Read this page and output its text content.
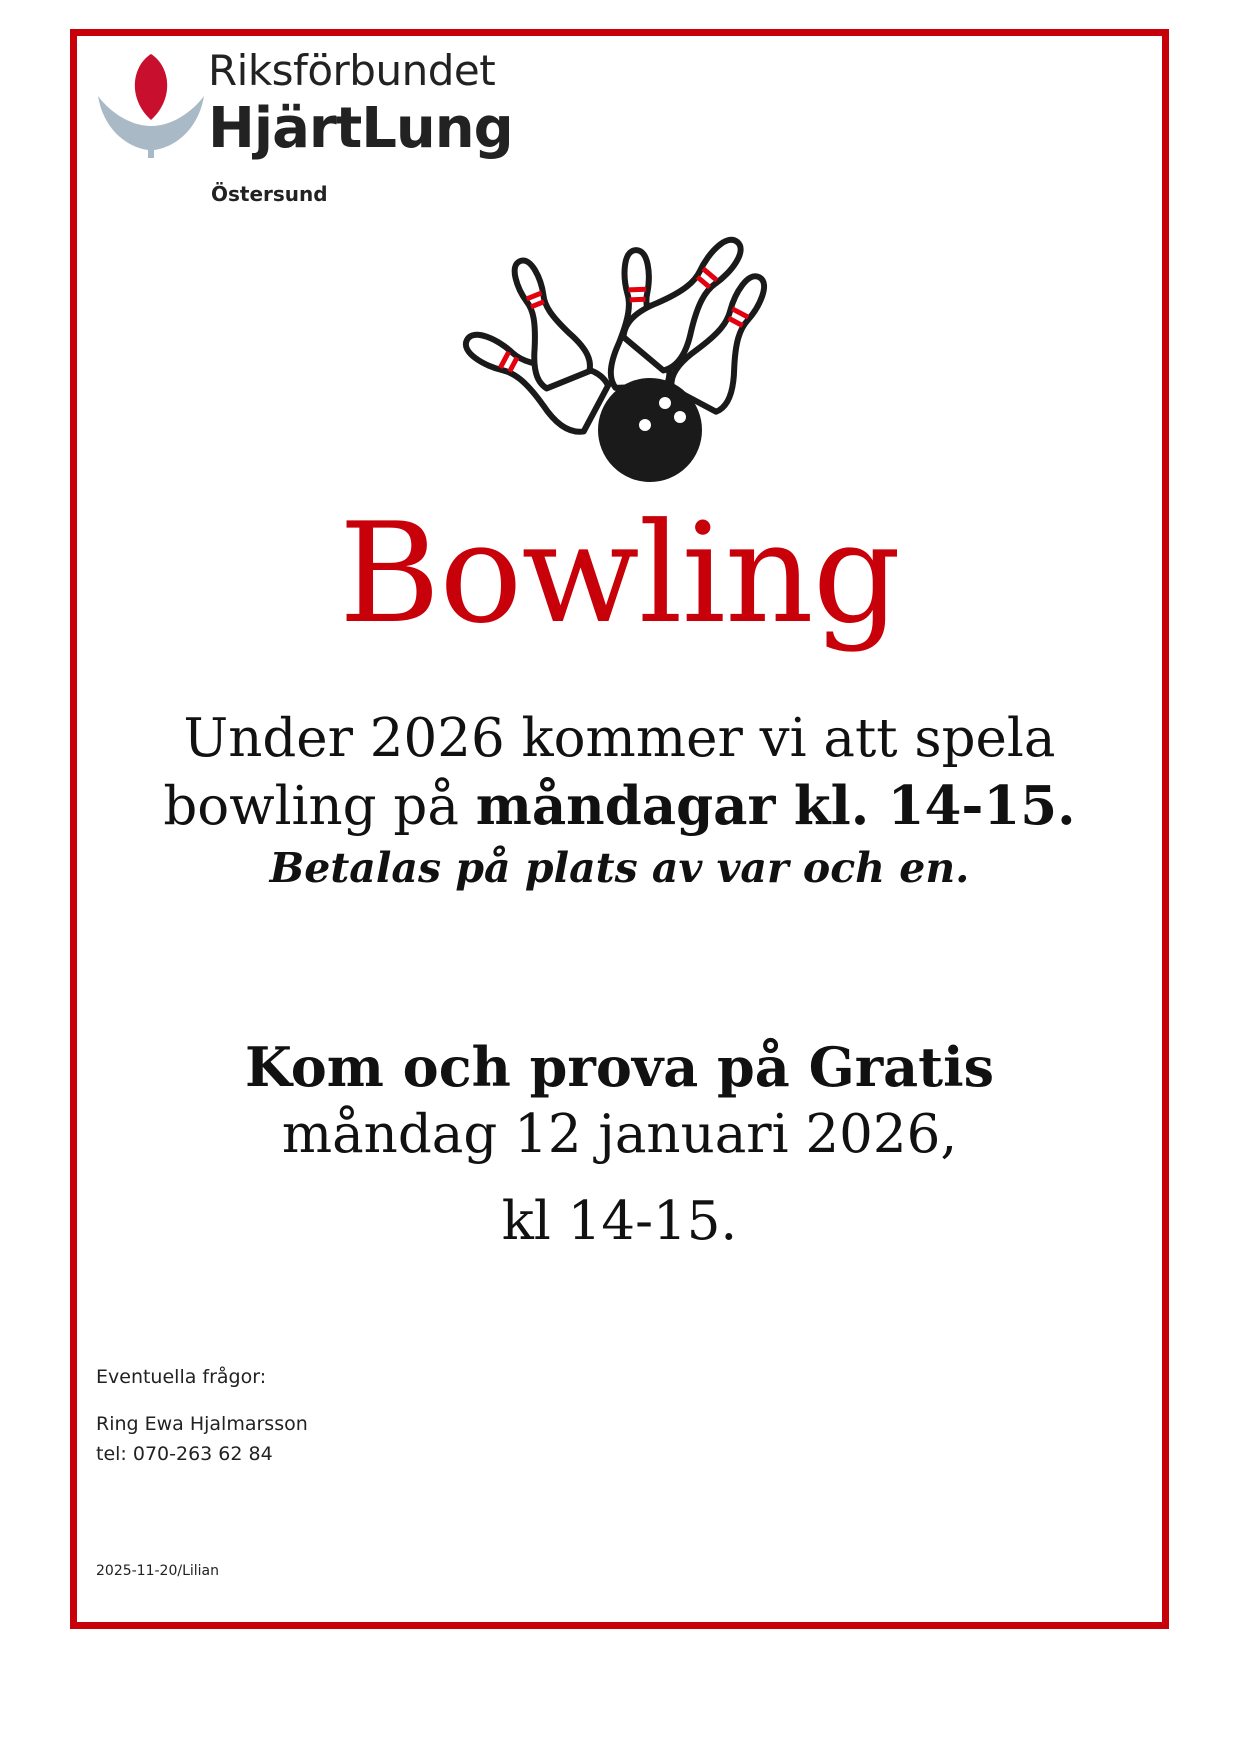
Riksförbundet
HjärtLung
Östersund
Bowling
Under 2026 kommer vi att spela
bowling på måndagar kl. 14-15.
Betalas på plats av var och en.
Kom och prova på Gratis
måndag 12 januari 2026,
kl 14-15.
Eventuella frågor:
Ring Ewa Hjalmarsson
tel: 070-263 62 84
2025-11-20/Lilian
